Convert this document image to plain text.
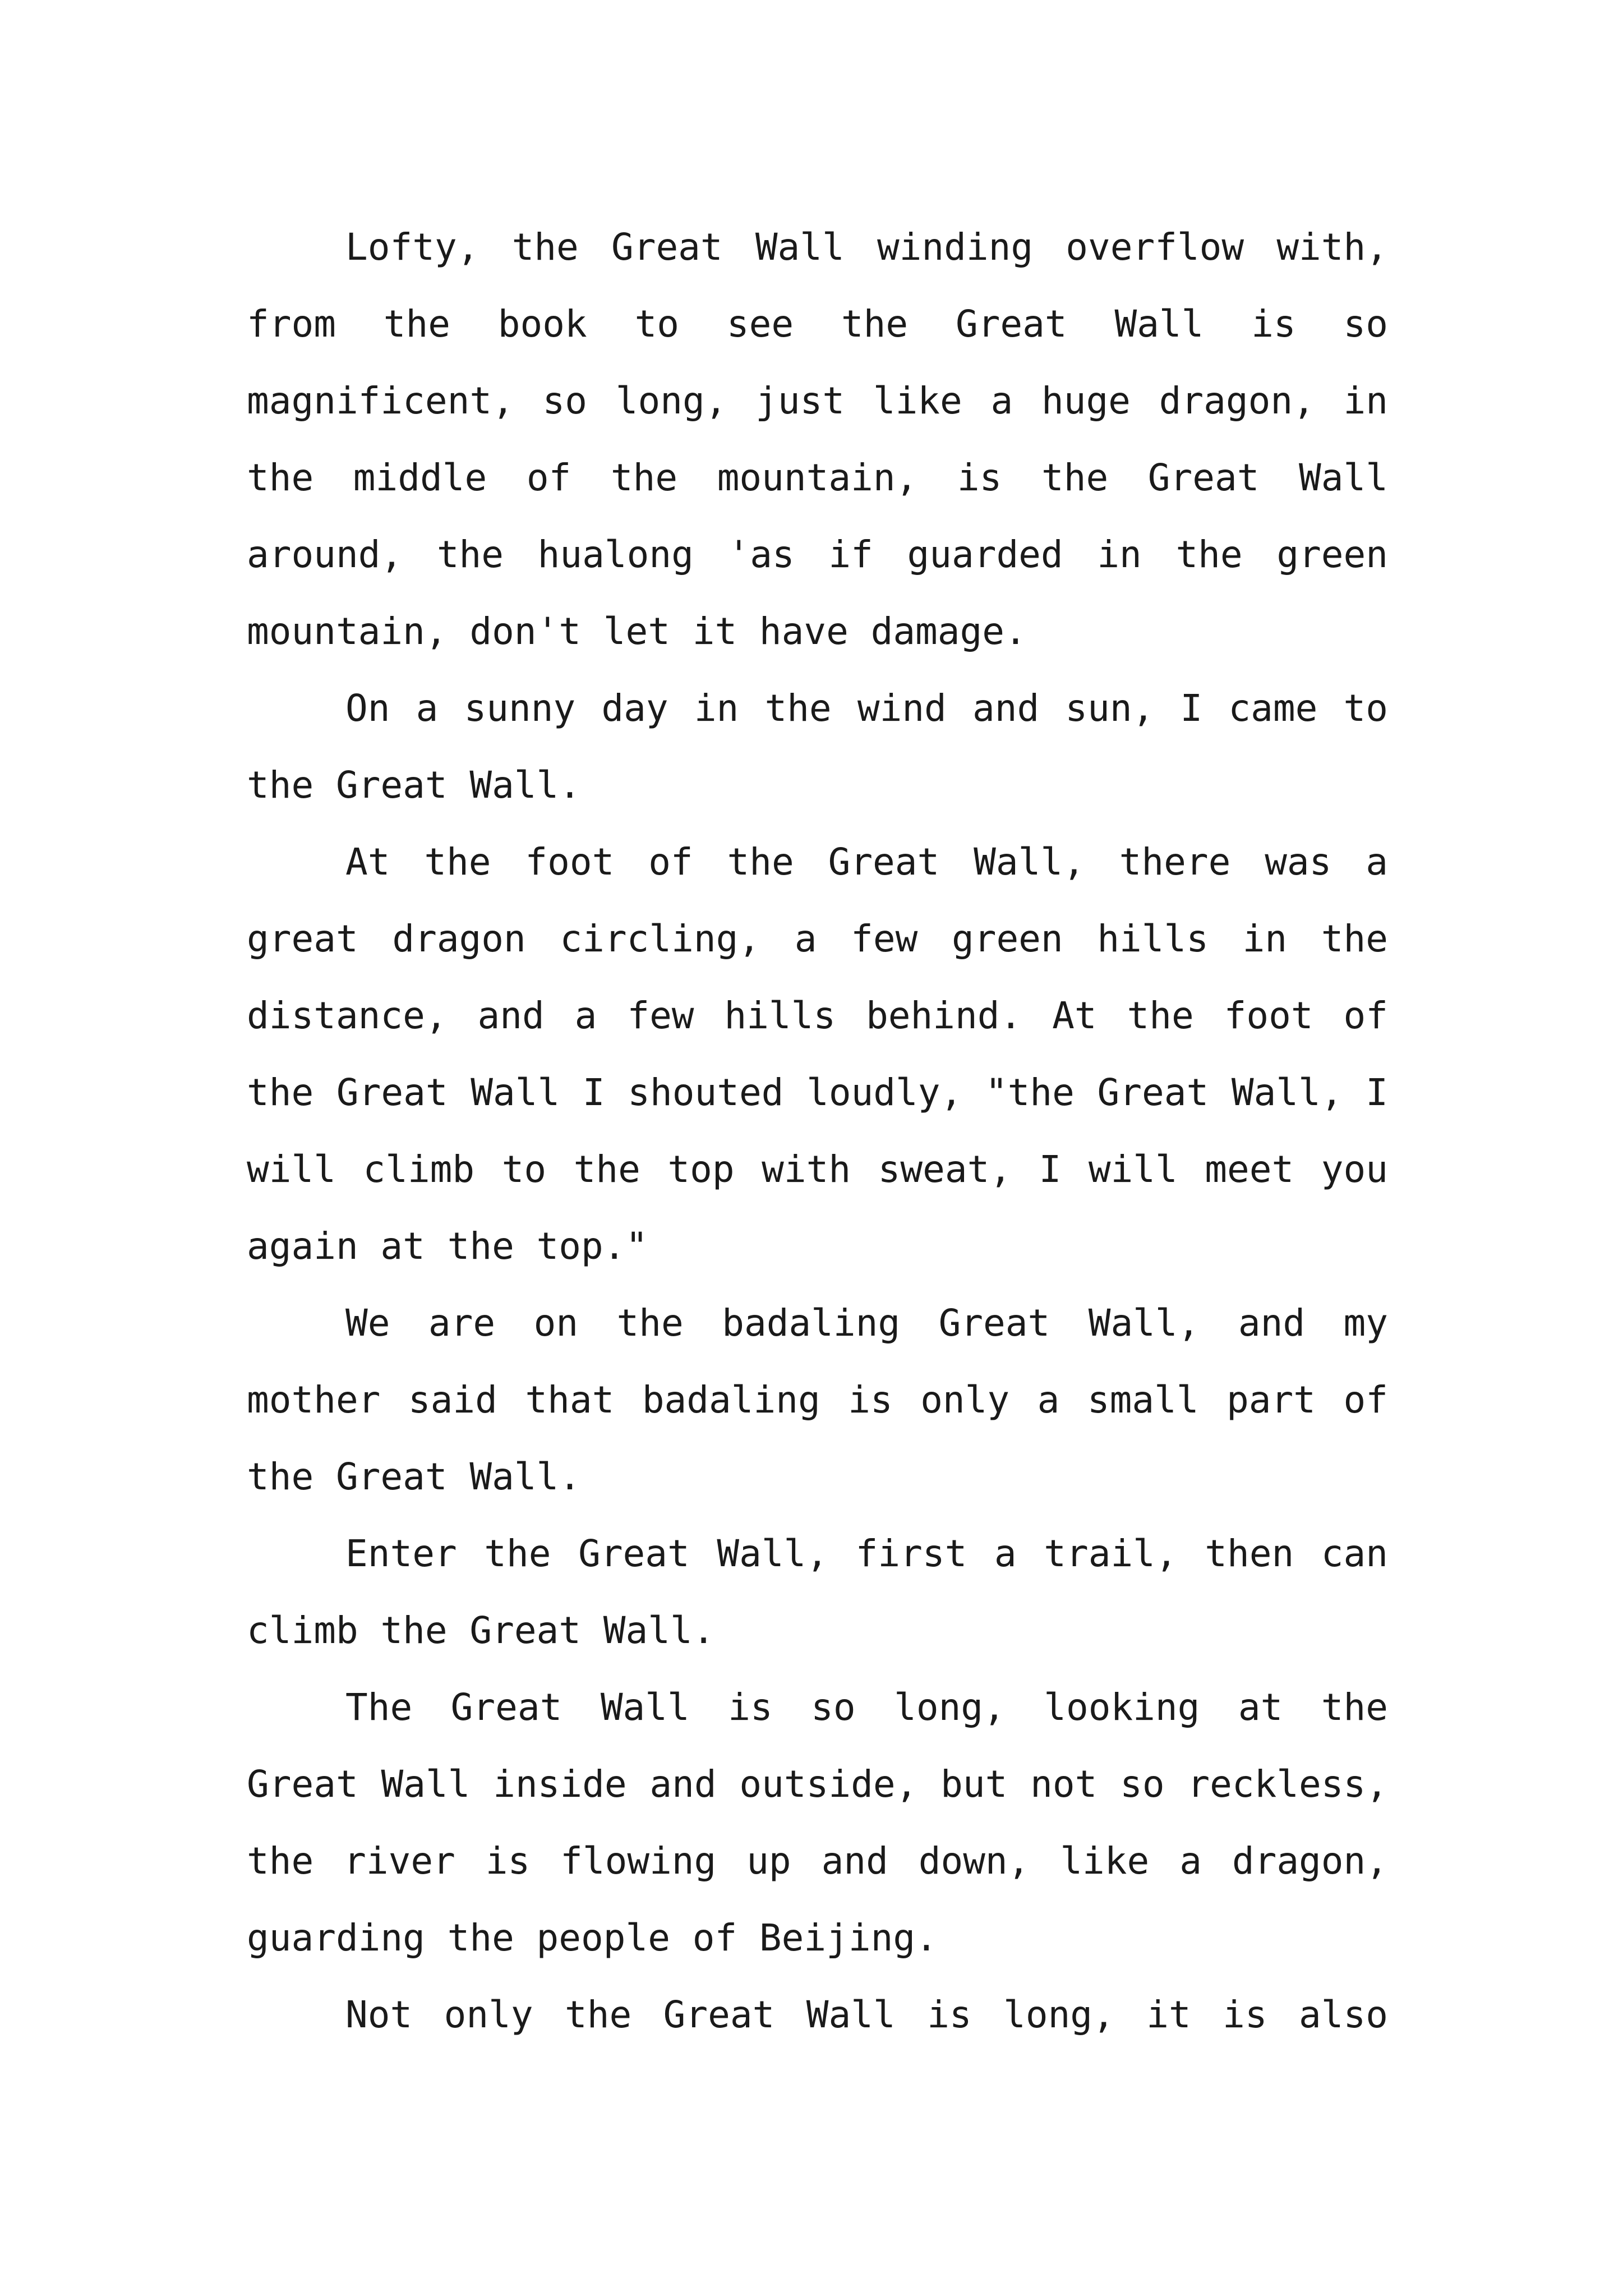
Lofty, the Great Wall winding overflow with, from the book to see the Great Wall is so magnificent, so long, just like a huge dragon, in the middle of the mountain, is the Great Wall around, the hualong 'as if guarded in the green mountain, don't let it have damage.

On a sunny day in the wind and sun, I came to the Great Wall.

At the foot of the Great Wall, there was a great dragon circling, a few green hills in the distance, and a few hills behind. At the foot of the Great Wall I shouted loudly, "the Great Wall, I will climb to the top with sweat, I will meet you again at the top."

We are on the badaling Great Wall, and my mother said that badaling is only a small part of the Great Wall.

Enter the Great Wall, first a trail, then can climb the Great Wall.

The Great Wall is so long, looking at the Great Wall inside and outside, but not so reckless, the river is flowing up and down, like a dragon, guarding the people of Beijing.

Not only the Great Wall is long, it is also
